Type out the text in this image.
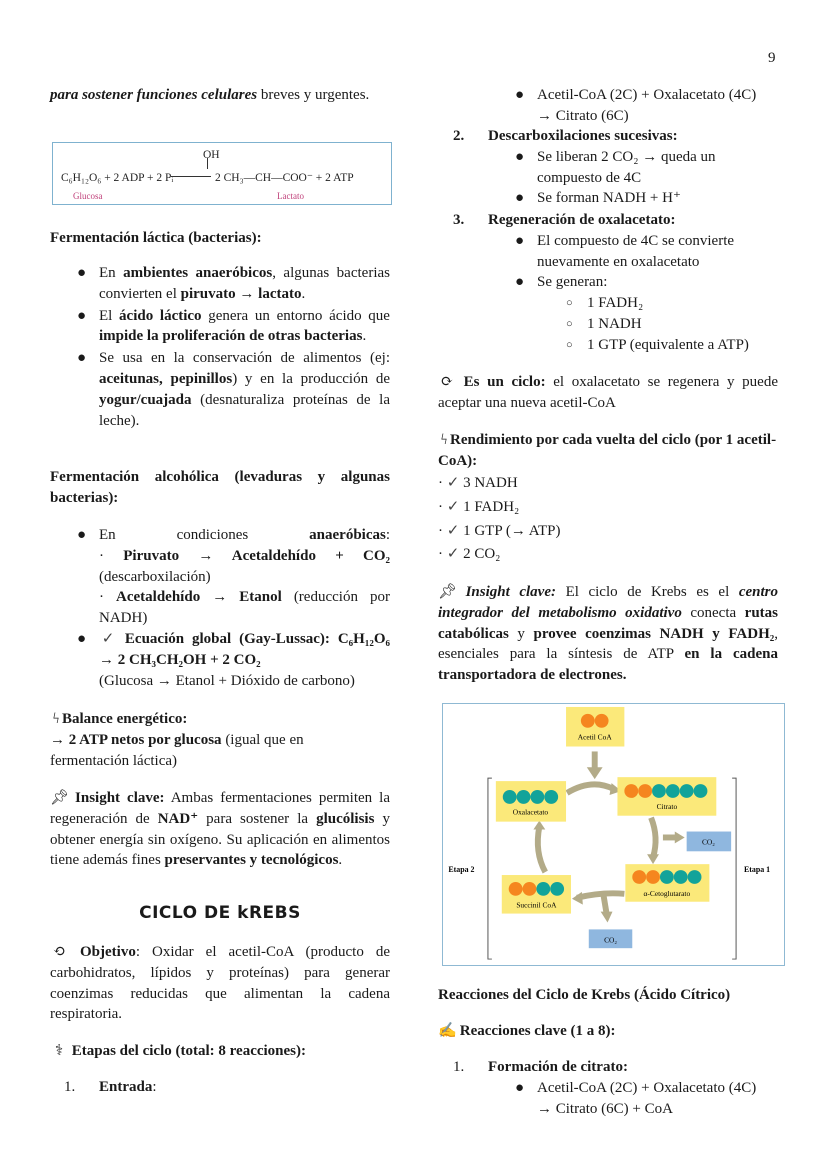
9
para sostener funciones celulares breves y urgentes.
OH
C₆H₁₂O₆ + 2 ADP + 2 Pᵢ	2 CH₃—CH—COO⁻ + 2 ATP
Glucosa	Lactato
Fermentación láctica (bacterias):
● En ambientes anaeróbicos, algunas bacterias convierten el piruvato → lactato.
● El ácido láctico genera un entorno ácido que impide la proliferación de otras bacterias.
● Se usa en la conservación de alimentos (ej: aceitunas, pepinillos) y en la producción de yogur/cuajada (desnaturaliza proteínas de la leche).
Fermentación alcohólica (levaduras y algunas bacterias):
● En condiciones anaeróbicas:
· Piruvato → Acetaldehído + CO₂ (descarboxilación)
· Acetaldehído → Etanol (reducción por NADH)
● ✓ Ecuación global (Gay-Lussac): C₆H₁₂O₆ → 2 CH₃CH₂OH + 2 CO₂
(Glucosa → Etanol + Dióxido de carbono)
ϟ Balance energético:
→ 2 ATP netos por glucosa (igual que en fermentación láctica)
📌︎ Insight clave: Ambas fermentaciones permiten la regeneración de NAD⁺ para sostener la glucólisis y obtener energía sin oxígeno. Su aplicación en alimentos tiene además fines preservantes y tecnológicos.
CICLO DE kREBS
⟲ Objetivo: Oxidar el acetil-CoA (producto de carbohidratos, lípidos y proteínas) para generar coenzimas reducidas que alimentan la cadena respiratoria.
⚕ Etapas del ciclo (total: 8 reacciones):
1. Entrada:
● Acetil-CoA (2C) + Oxalacetato (4C) → Citrato (6C)
2. Descarboxilaciones sucesivas:
● Se liberan 2 CO₂ → queda un compuesto de 4C
● Se forman NADH + H⁺
3. Regeneración de oxalacetato:
● El compuesto de 4C se convierte nuevamente en oxalacetato
● Se generan:
○ 1 FADH₂
○ 1 NADH
○ 1 GTP (equivalente a ATP)
⟳ Es un ciclo: el oxalacetato se regenera y puede aceptar una nueva acetil-CoA
ϟ Rendimiento por cada vuelta del ciclo (por 1 acetil-CoA):
· ✓ 3 NADH
· ✓ 1 FADH₂
· ✓ 1 GTP (→ ATP)
· ✓ 2 CO₂
📌︎ Insight clave: El ciclo de Krebs es el centro integrador del metabolismo oxidativo conecta rutas catabólicas y provee coenzimas NADH y FADH₂, esenciales para la síntesis de ATP en la cadena transportadora de electrones.
Etapa 2	Etapa 1
Acetil CoA
Oxalacetato
Citrato
CO₂
α-Cetoglutarato
Succinil CoA
CO₂
Reacciones del Ciclo de Krebs (Ácido Cítrico)
✍ Reacciones clave (1 a 8):
1. Formación de citrato:
● Acetil-CoA (2C) + Oxalacetato (4C) → Citrato (6C) + CoA
